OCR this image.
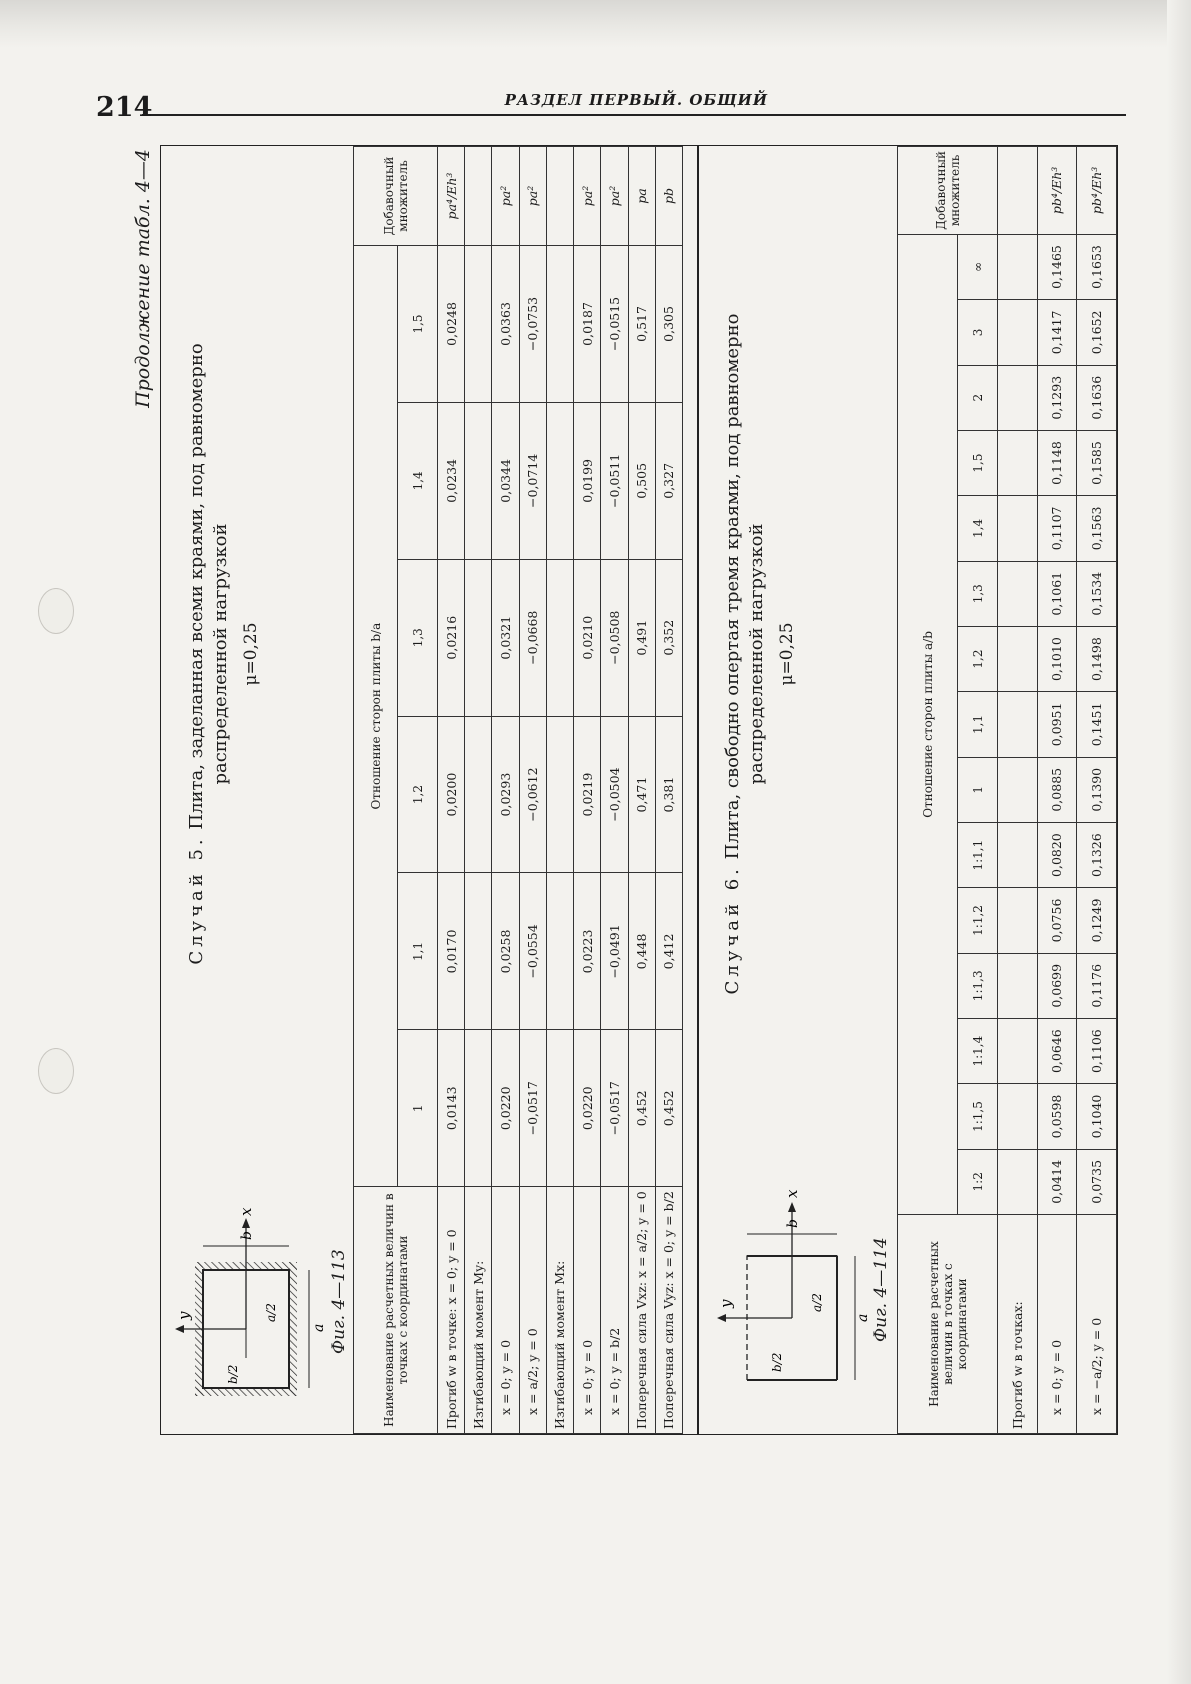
214	РАЗДЕЛ ПЕРВЫЙ. ОБЩИЙ
Продолжение табл. 4—4
y
x
a
b
a/2
b/2
Фиг. 4—113
Случай 5. Плита, заделанная всеми краями, под равномерно распределенной нагрузкой μ=0,25
Наименование расчетных величин в точках с координатами	Отношение сторон плиты b/a						Добавочный множитель
	1	1,1	1,2	1,3	1,4	1,5	
Прогиб w в точке: x = 0; y = 0	0,0143	0,0170	0,0200	0,0216	0,0234	0,0248	pa⁴/Eh³
Изгибающий момент My:							
x = 0; y = 0	0,0220	0,0258	0,0293	0,0321	0,0344	0,0363	pa²
x = a/2; y = 0	−0,0517	−0,0554	−0,0612	−0,0668	−0,0714	−0,0753	pa²
Изгибающий момент Mx:							
x = 0; y = 0	0,0220	0,0223	0,0219	0,0210	0,0199	0,0187	pa²
x = 0; y = b/2	−0,0517	−0,0491	−0,0504	−0,0508	−0,0511	−0,0515	pa²
Поперечная сила Vxz: x = a/2; y = 0	0,452	0,448	0,471	0,491	0,505	0,517	pa
Поперечная сила Vyz: x = 0; y = b/2	0,452	0,412	0,381	0,352	0,327	0,305	pb
y
x
a
b
a/2
b/2
Фиг. 4—114
Случай 6. Плита, свободно опертая тремя краями, под равномерно распределенной нагрузкой μ=0,25
Наименование расчетных величин в точках с координатами	Отношение сторон плиты a/b															Добавочный множитель
	1:2	1:1,5	1:1,4	1:1,3	1:1,2	1:1,1	1	1,1	1,2	1,3	1,4	1,5	2	3	∞	
Прогиб w в точках:																
x = 0; y = 0	0,0414	0,0598	0,0646	0,0699	0,0756	0,0820	0,0885	0,0951	0,1010	0,1061	0,1107	0,1148	0,1293	0,1417	0,1465	pb⁴/Eh³
x = −a/2; y = 0	0,0735	0,1040	0,1106	0,1176	0,1249	0,1326	0,1390	0,1451	0,1498	0,1534	0,1563	0,1585	0,1636	0,1652	0,1653	pb⁴/Eh³
